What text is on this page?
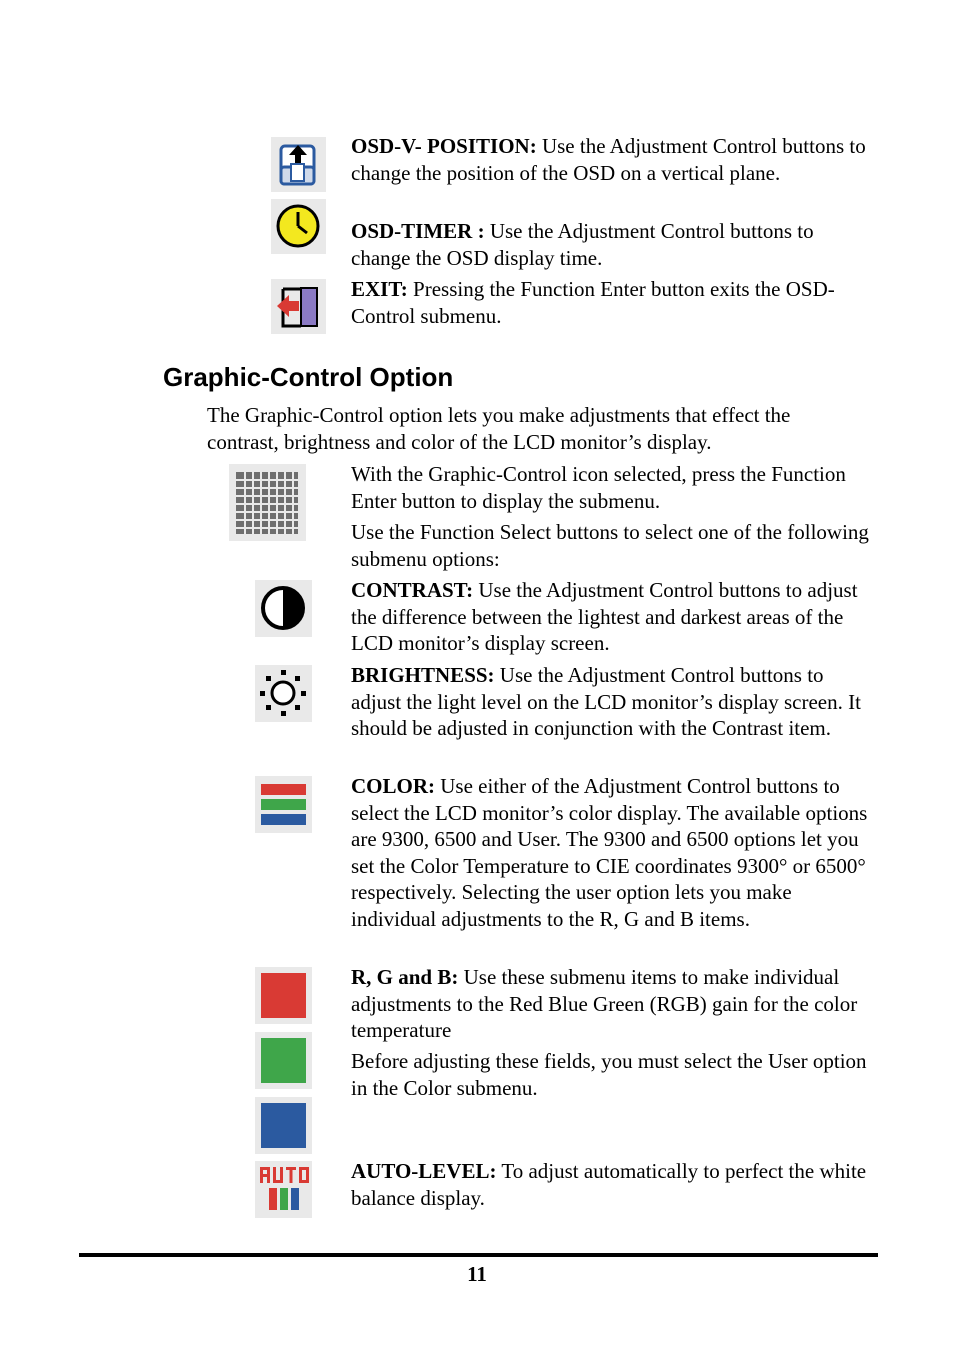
OSD-V- POSITION: Use the Adjustment Control buttons to change the position of the OSD on a vertical plane.
OSD-TIMER : Use the Adjustment Control buttons to change the OSD display time.
EXIT: Pressing the Function Enter button exits the OSD-Control submenu.
Graphic-Control Option
The Graphic-Control option lets you make adjustments that effect the contrast, brightness and color of the LCD monitor’s display.
With the Graphic-Control icon selected, press the Function Enter button to display the submenu.
Use the Function Select buttons to select one of the following submenu options:
CONTRAST: Use the Adjustment Control buttons to adjust the difference between the lightest and darkest areas of the LCD monitor’s display screen.
BRIGHTNESS: Use the Adjustment Control buttons to adjust the light level on the LCD monitor’s display screen. It should be adjusted in conjunction with the Contrast item.
COLOR: Use either of the Adjustment Control buttons to select the LCD monitor’s color display. The available options are 9300, 6500 and User. The 9300 and 6500 options let you set the Color Temperature to CIE coordinates 9300° or 6500° respectively. Selecting the user option lets you make individual adjustments to the R, G and B items.
R, G and B: Use these submenu items to make individual adjustments to the Red Blue Green (RGB) gain for the color temperature
Before adjusting these fields, you must select the User option in the Color submenu.
AUTO-LEVEL: To adjust automatically to perfect the white balance display.
11
